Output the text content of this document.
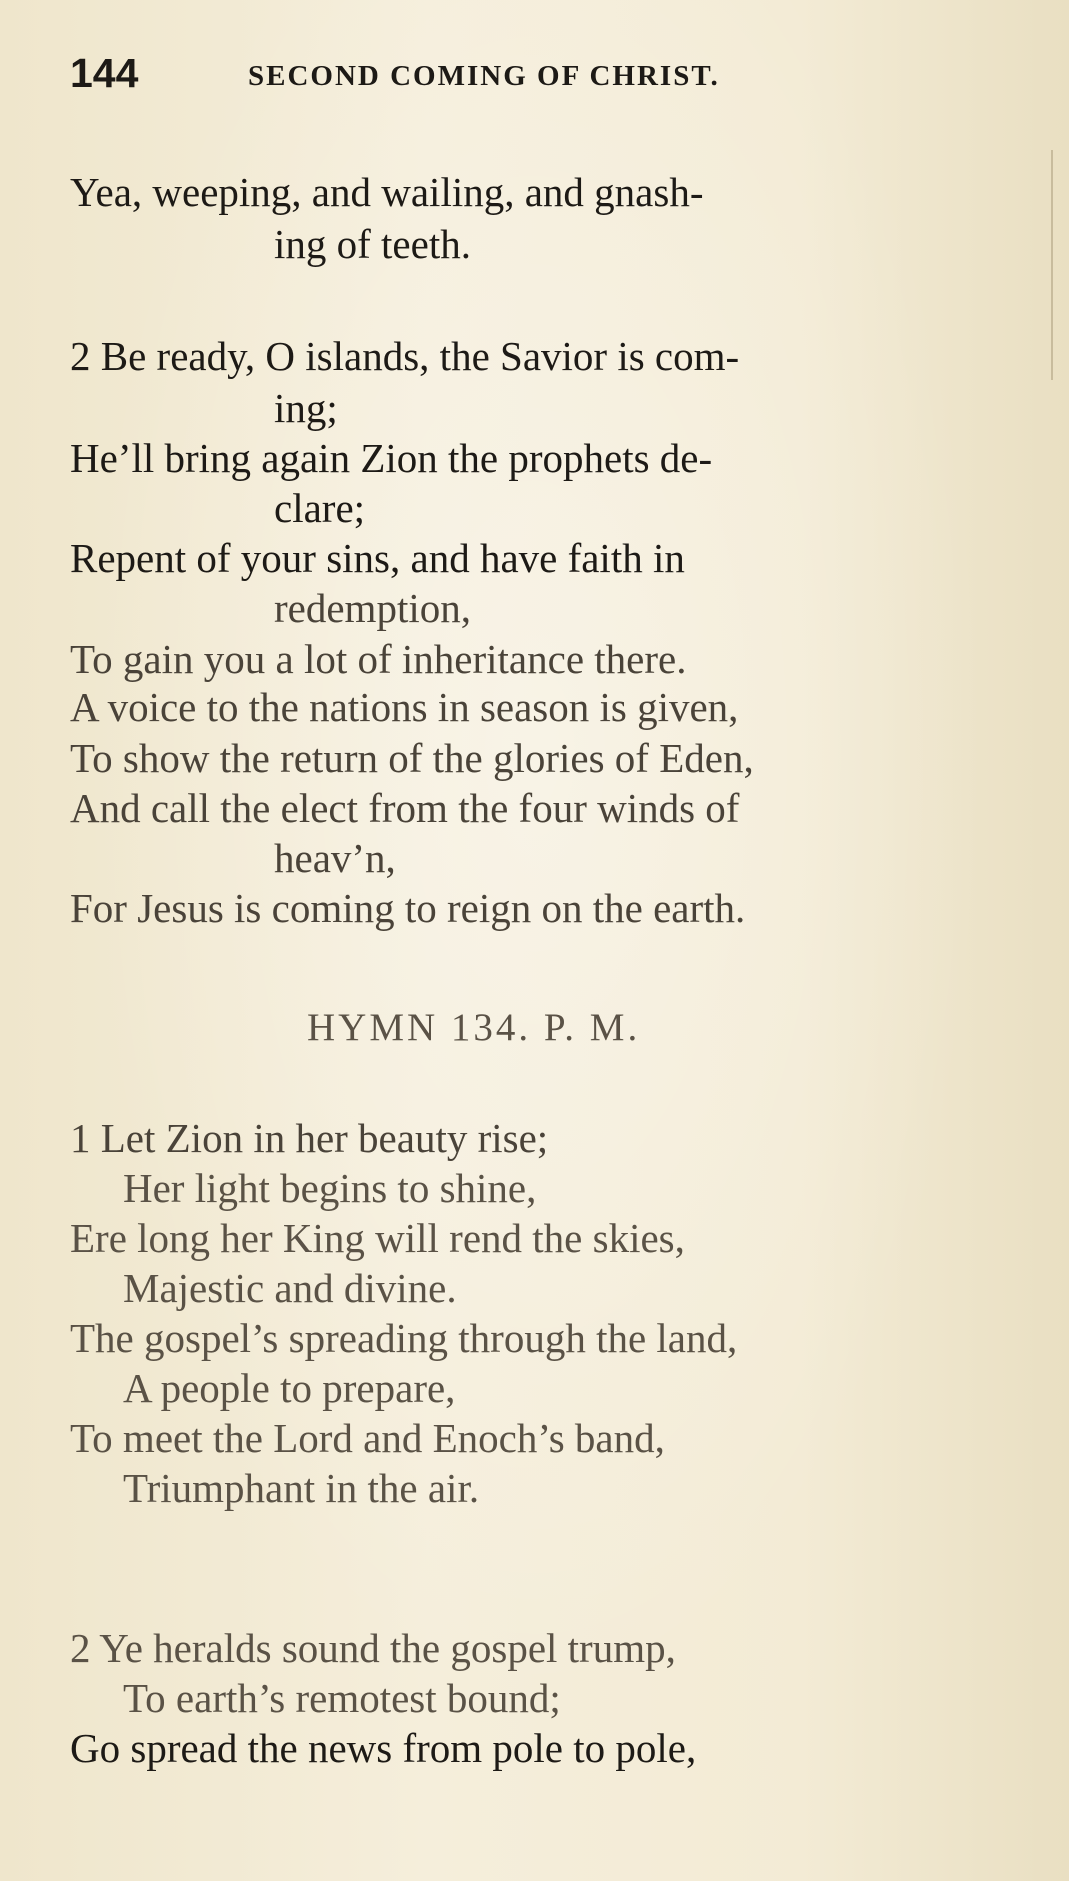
144	SECOND COMING OF CHRIST.
Yea, weeping, and wailing, and gnash-
ing of teeth.
2 Be ready, O islands, the Savior is com-
ing;
He’ll bring again Zion the prophets de-
clare;
Repent of your sins, and have faith in
redemption,
To gain you a lot of inheritance there.
A voice to the nations in season is given,
To show the return of the glories of Eden,
And call the elect from the four winds of
heav’n,
For Jesus is coming to reign on the earth.
HYMN 134. P. M.
1 Let Zion in her beauty rise;
Her light begins to shine,
Ere long her King will rend the skies,
Majestic and divine.
The gospel’s spreading through the land,
A people to prepare,
To meet the Lord and Enoch’s band,
Triumphant in the air.
2 Ye heralds sound the gospel trump,
To earth’s remotest bound;
Go spread the news from pole to pole,
